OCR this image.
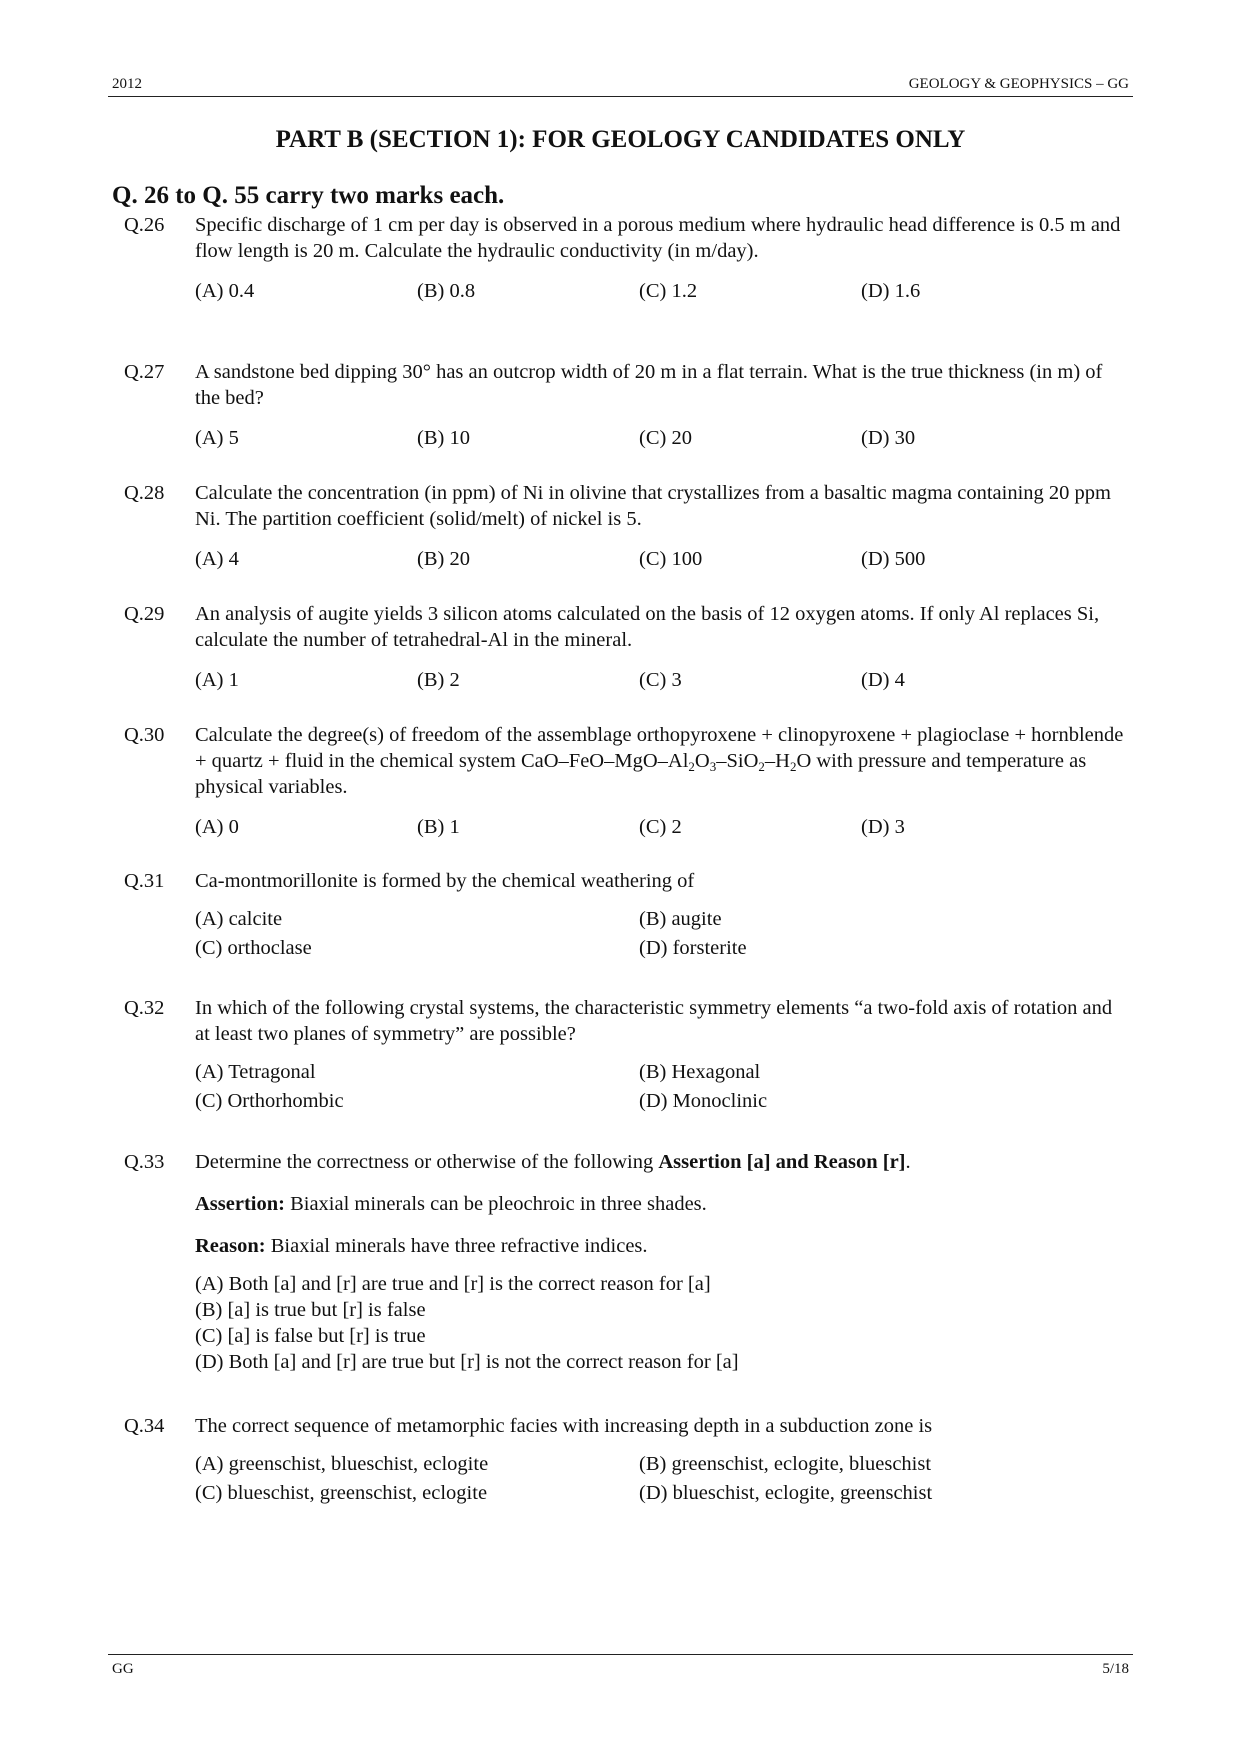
2012	GEOLOGY & GEOPHYSICS – GG
PART B (SECTION 1): FOR GEOLOGY CANDIDATES ONLY
Q. 26 to Q. 55 carry two marks each.
Q.26 Specific discharge of 1 cm per day is observed in a porous medium where hydraulic head difference is 0.5 m and flow length is 20 m. Calculate the hydraulic conductivity (in m/day).
(A) 0.4	(B) 0.8	(C) 1.2	(D) 1.6
Q.27 A sandstone bed dipping 30° has an outcrop width of 20 m in a flat terrain. What is the true thickness (in m) of the bed?
(A) 5	(B) 10	(C) 20	(D) 30
Q.28 Calculate the concentration (in ppm) of Ni in olivine that crystallizes from a basaltic magma containing 20 ppm Ni. The partition coefficient (solid/melt) of nickel is 5.
(A) 4	(B) 20	(C) 100	(D) 500
Q.29 An analysis of augite yields 3 silicon atoms calculated on the basis of 12 oxygen atoms. If only Al replaces Si, calculate the number of tetrahedral-Al in the mineral.
(A) 1	(B) 2	(C) 3	(D) 4
Q.30 Calculate the degree(s) of freedom of the assemblage orthopyroxene + clinopyroxene + plagioclase + hornblende + quartz + fluid in the chemical system CaO–$FeO-MgO-Al_2O_3-SiO_2-H_2O$ with pressure and temperature as physical variables.
(A) 0	(B) 1	(C) 2	(D) 3
Q.31 Ca-montmorillonite is formed by the chemical weathering of
(A) calcite	(B) augite
(C) orthoclase	(D) forsterite
Q.32 In which of the following crystal systems, the characteristic symmetry elements “a two-fold axis of rotation and at least two planes of symmetry” are possible?
(A) Tetragonal	(B) Hexagonal
(C) Orthorhombic	(D) Monoclinic
Q.33 Determine the correctness or otherwise of the following Assertion [a] and Reason [r].
Assertion: Biaxial minerals can be pleochroic in three shades.
Reason: Biaxial minerals have three refractive indices.
(A) Both [a] and [r] are true and [r] is the correct reason for [a]
(B) [a] is true but [r] is false
(C) [a] is false but [r] is true
(D) Both [a] and [r] are true but [r] is not the correct reason for [a]
Q.34 The correct sequence of metamorphic facies with increasing depth in a subduction zone is
(A) greenschist, blueschist, eclogite	(B) greenschist, eclogite, blueschist
(C) blueschist, greenschist, eclogite	(D) blueschist, eclogite, greenschist
GG	5/18
